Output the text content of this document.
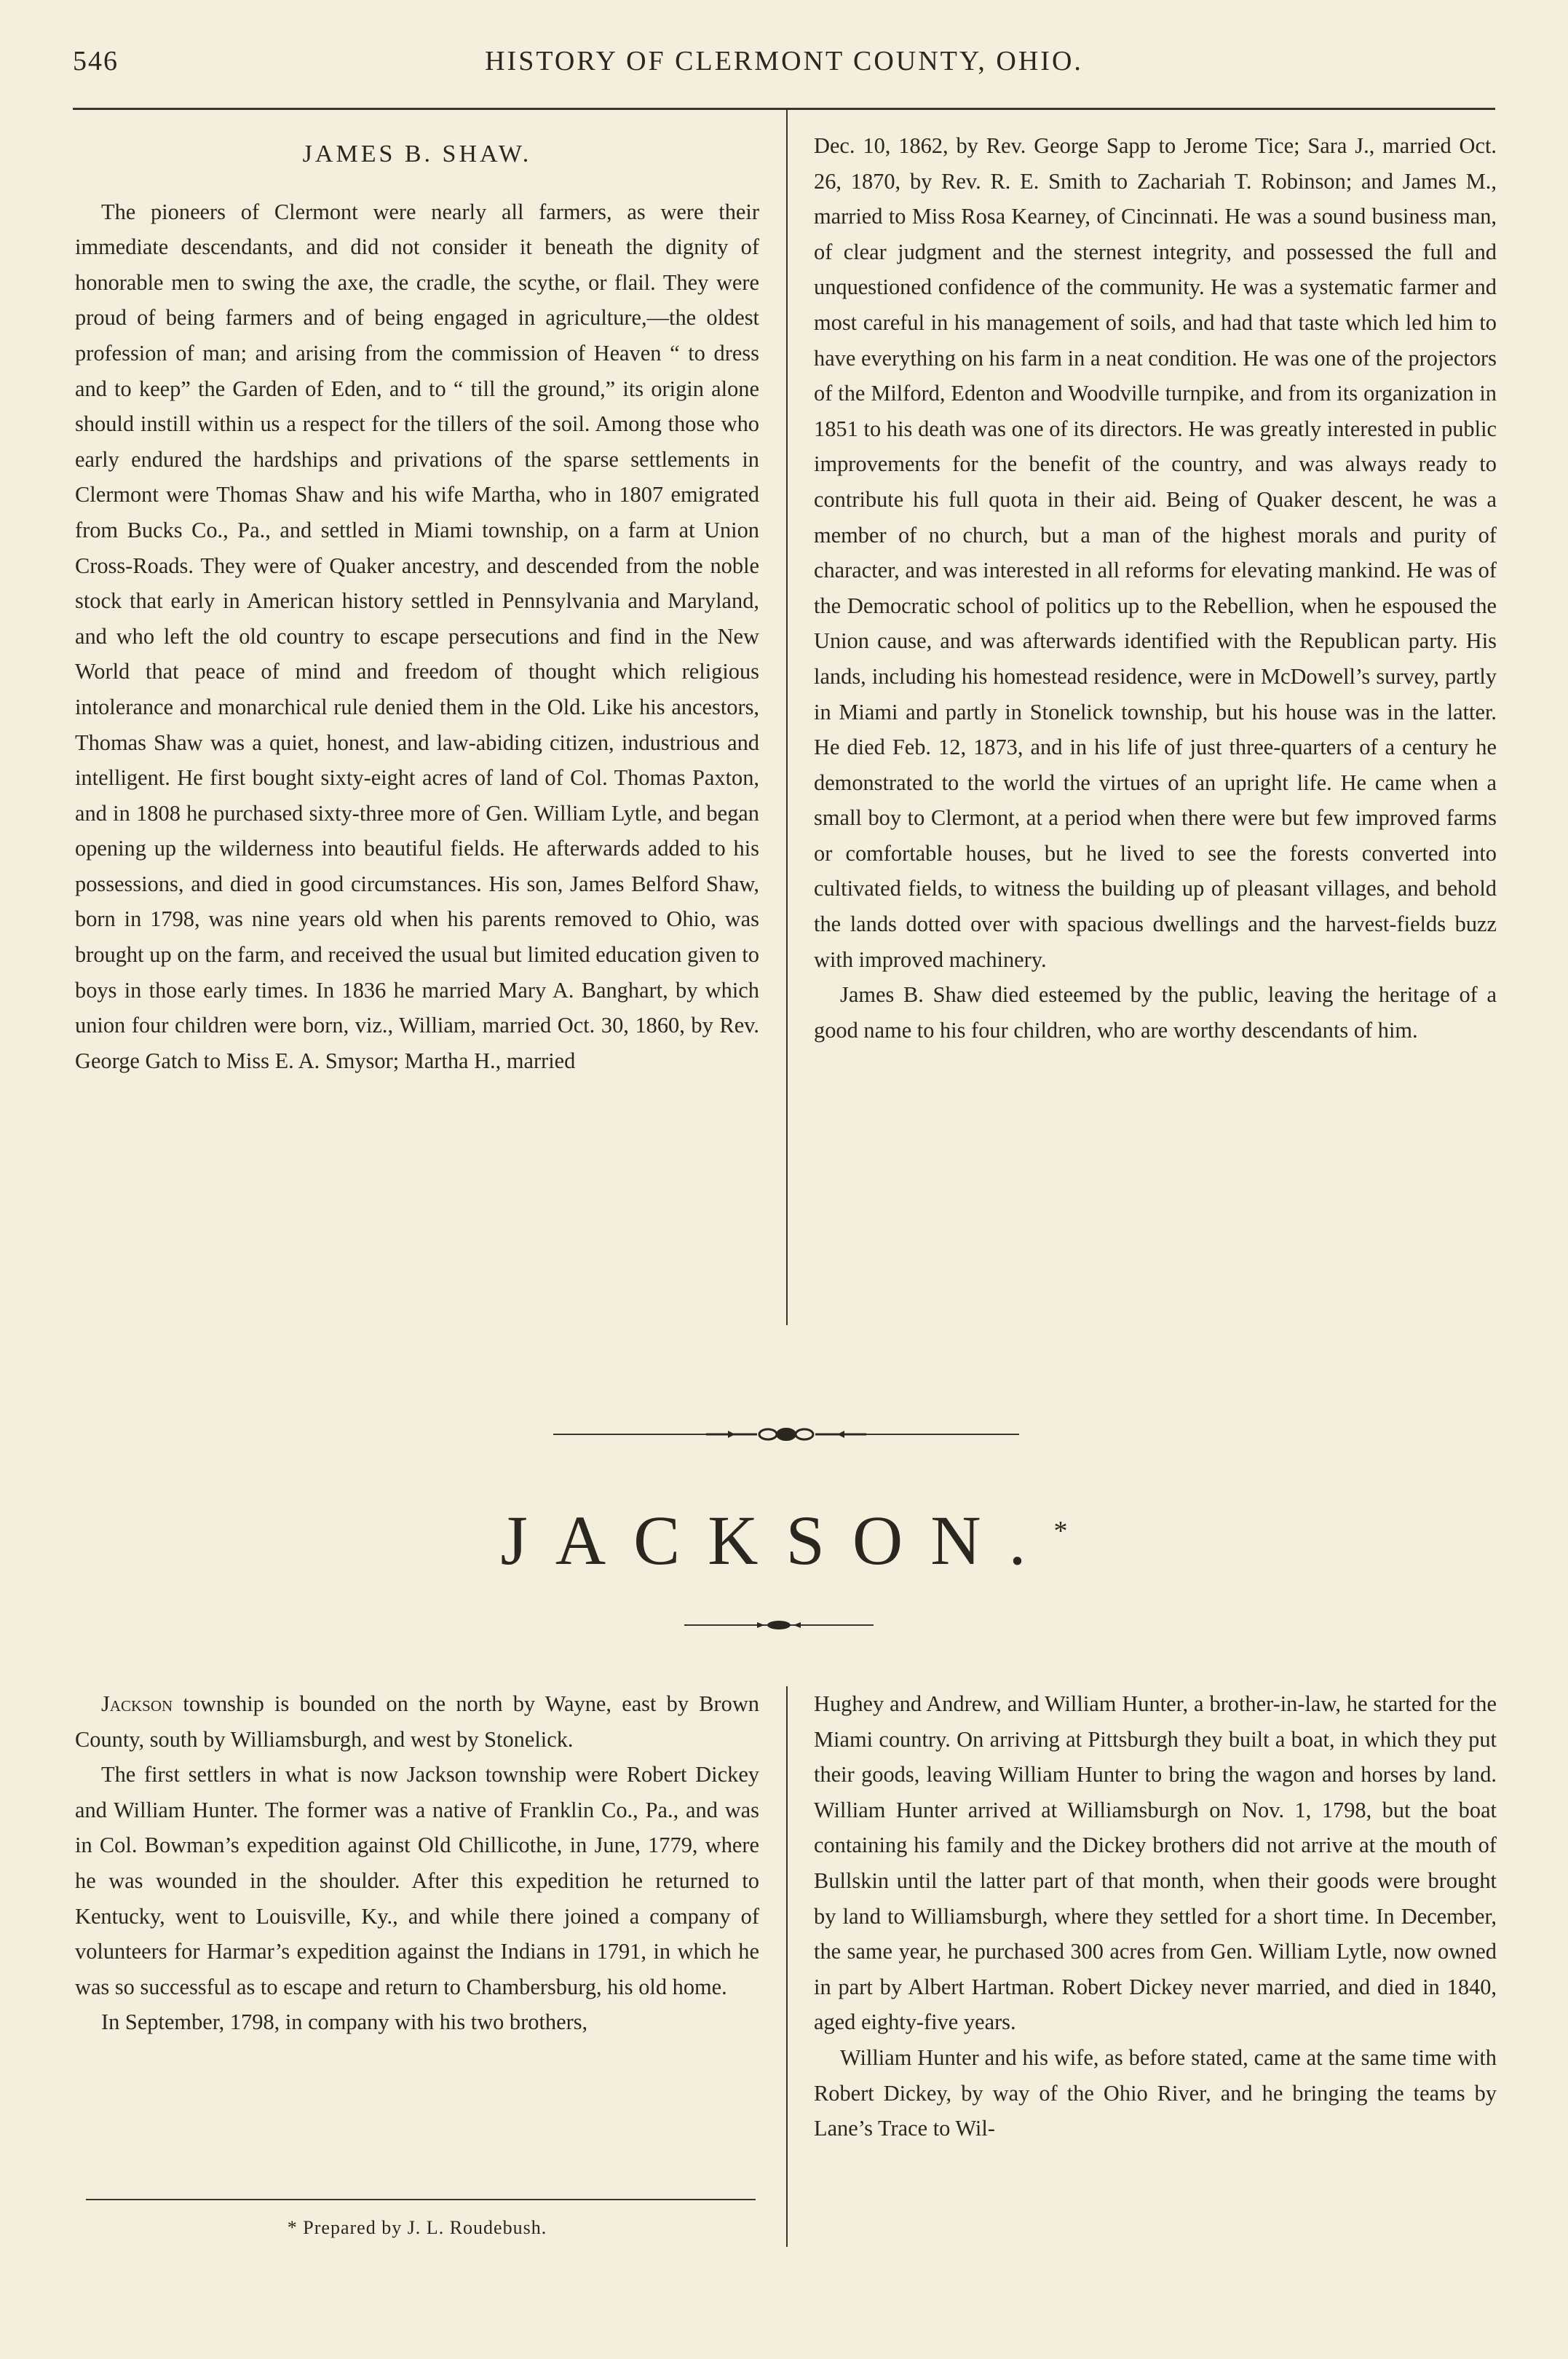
546	HISTORY OF CLERMONT COUNTY, OHIO.
JAMES B. SHAW.

The pioneers of Clermont were nearly all farmers, as were their immediate descendants, and did not consider it beneath the dignity of honorable men to swing the axe, the cradle, the scythe, or flail. They were proud of being farmers and of being engaged in agriculture,—the oldest profession of man; and arising from the commission of Heaven “ to dress and to keep” the Garden of Eden, and to “ till the ground,” its origin alone should instill within us a respect for the tillers of the soil. Among those who early endured the hardships and privations of the sparse settlements in Clermont were Thomas Shaw and his wife Martha, who in 1807 emigrated from Bucks Co., Pa., and settled in Miami township, on a farm at Union Cross-Roads. They were of Quaker ancestry, and descended from the noble stock that early in American history settled in Pennsylvania and Maryland, and who left the old country to escape persecutions and find in the New World that peace of mind and freedom of thought which religious intolerance and monarchical rule denied them in the Old. Like his ancestors, Thomas Shaw was a quiet, honest, and law-abiding citizen, industrious and intelligent. He first bought sixty-eight acres of land of Col. Thomas Paxton, and in 1808 he purchased sixty-three more of Gen. William Lytle, and began opening up the wilderness into beautiful fields. He afterwards added to his possessions, and died in good circumstances. His son, James Belford Shaw, born in 1798, was nine years old when his parents removed to Ohio, was brought up on the farm, and received the usual but limited education given to boys in those early times. In 1836 he married Mary A. Banghart, by which union four children were born, viz., William, married Oct. 30, 1860, by Rev. George Gatch to Miss E. A. Smysor; Martha H., married

Dec. 10, 1862, by Rev. George Sapp to Jerome Tice; Sara J., married Oct. 26, 1870, by Rev. R. E. Smith to Zachariah T. Robinson; and James M., married to Miss Rosa Kearney, of Cincinnati. He was a sound business man, of clear judgment and the sternest integrity, and possessed the full and unquestioned confidence of the community. He was a systematic farmer and most careful in his management of soils, and had that taste which led him to have everything on his farm in a neat condition. He was one of the projectors of the Milford, Edenton and Woodville turnpike, and from its organization in 1851 to his death was one of its directors. He was greatly interested in public improvements for the benefit of the country, and was always ready to contribute his full quota in their aid. Being of Quaker descent, he was a member of no church, but a man of the highest morals and purity of character, and was interested in all reforms for elevating mankind. He was of the Democratic school of politics up to the Rebellion, when he espoused the Union cause, and was afterwards identified with the Republican party. His lands, including his homestead residence, were in McDowell’s survey, partly in Miami and partly in Stonelick township, but his house was in the latter. He died Feb. 12, 1873, and in his life of just three-quarters of a century he demonstrated to the world the virtues of an upright life. He came when a small boy to Clermont, at a period when there were but few improved farms or comfortable houses, but he lived to see the forests converted into cultivated fields, to witness the building up of pleasant villages, and behold the lands dotted over with spacious dwellings and the harvest-fields buzz with improved machinery.

James B. Shaw died esteemed by the public, leaving the heritage of a good name to his four children, who are worthy descendants of him.

JACKSON.*

Jackson township is bounded on the north by Wayne, east by Brown County, south by Williamsburgh, and west by Stonelick.

The first settlers in what is now Jackson township were Robert Dickey and William Hunter. The former was a native of Franklin Co., Pa., and was in Col. Bowman’s expedition against Old Chillicothe, in June, 1779, where he was wounded in the shoulder. After this expedition he returned to Kentucky, went to Louisville, Ky., and while there joined a company of volunteers for Harmar’s expedition against the Indians in 1791, in which he was so successful as to escape and return to Chambersburg, his old home.

In September, 1798, in company with his two brothers,

Hughey and Andrew, and William Hunter, a brother-in-law, he started for the Miami country. On arriving at Pittsburgh they built a boat, in which they put their goods, leaving William Hunter to bring the wagon and horses by land. William Hunter arrived at Williamsburgh on Nov. 1, 1798, but the boat containing his family and the Dickey brothers did not arrive at the mouth of Bullskin until the latter part of that month, when their goods were brought by land to Williamsburgh, where they settled for a short time. In December, the same year, he purchased 300 acres from Gen. William Lytle, now owned in part by Albert Hartman. Robert Dickey never married, and died in 1840, aged eighty-five years.

William Hunter and his wife, as before stated, came at the same time with Robert Dickey, by way of the Ohio River, and he bringing the teams by Lane’s Trace to Wil-

* Prepared by J. L. Roudebush.
